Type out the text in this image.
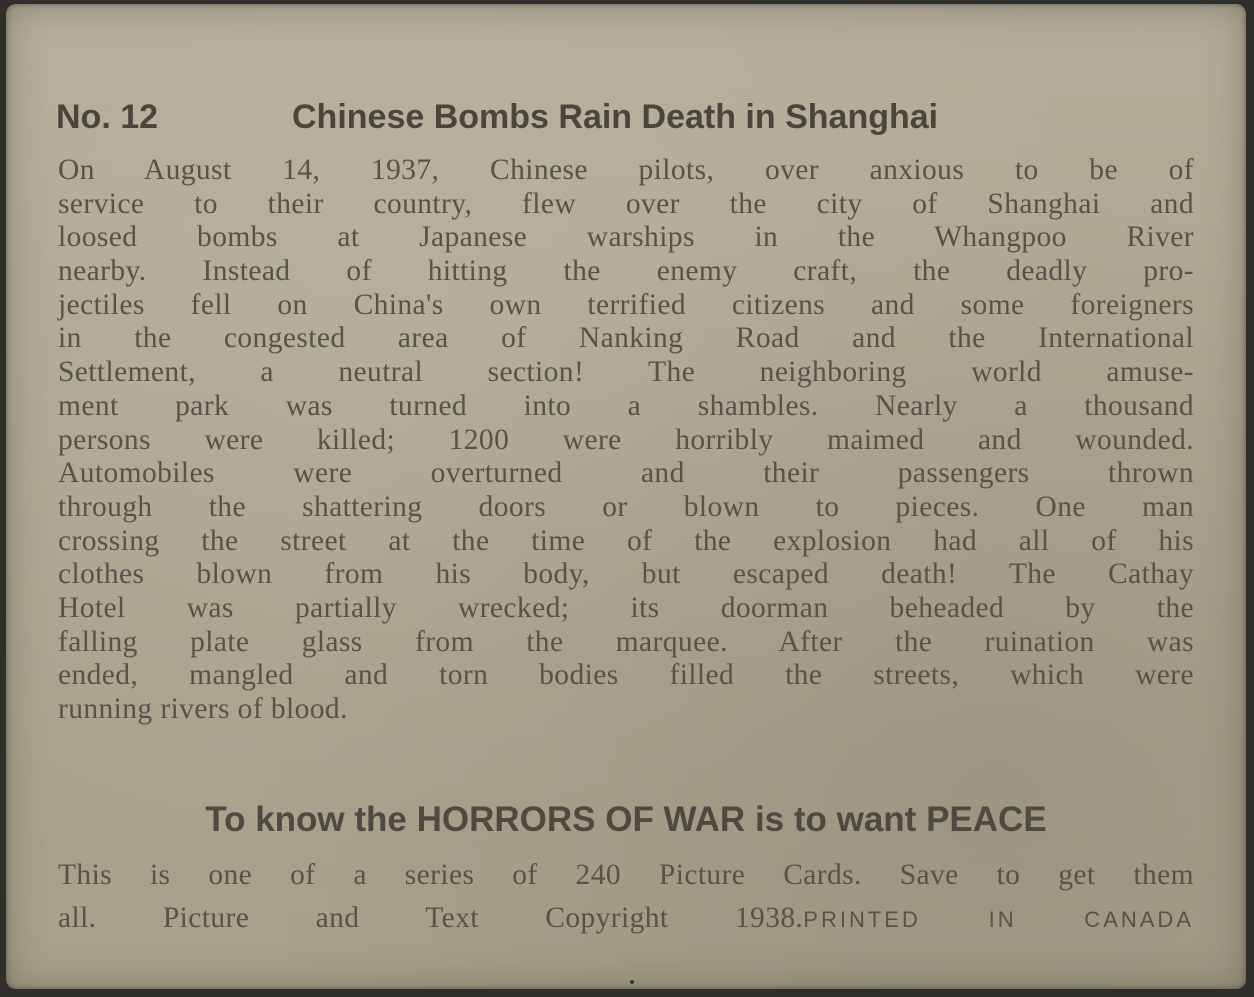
No. 12	Chinese Bombs Rain Death in Shanghai
On August 14, 1937, Chinese pilots, over anxious to be of
service to their country, flew over the city of Shanghai and
loosed bombs at Japanese warships in the Whangpoo River
nearby. Instead of hitting the enemy craft, the deadly pro-
jectiles fell on China's own terrified citizens and some foreigners
in the congested area of Nanking Road and the International
Settlement, a neutral section! The neighboring world amuse-
ment park was turned into a shambles. Nearly a thousand
persons were killed; 1200 were horribly maimed and wounded.
Automobiles were overturned and their passengers thrown
through the shattering doors or blown to pieces. One man
crossing the street at the time of the explosion had all of his
clothes blown from his body, but escaped death! The Cathay
Hotel was partially wrecked; its doorman beheaded by the
falling plate glass from the marquee. After the ruination was
ended, mangled and torn bodies filled the streets, which were
running rivers of blood.
To know the HORRORS OF WAR is to want PEACE
This is one of a series of 240 Picture Cards. Save to get them
all. Picture and Text Copyright 1938.PRINTED IN CANADA
